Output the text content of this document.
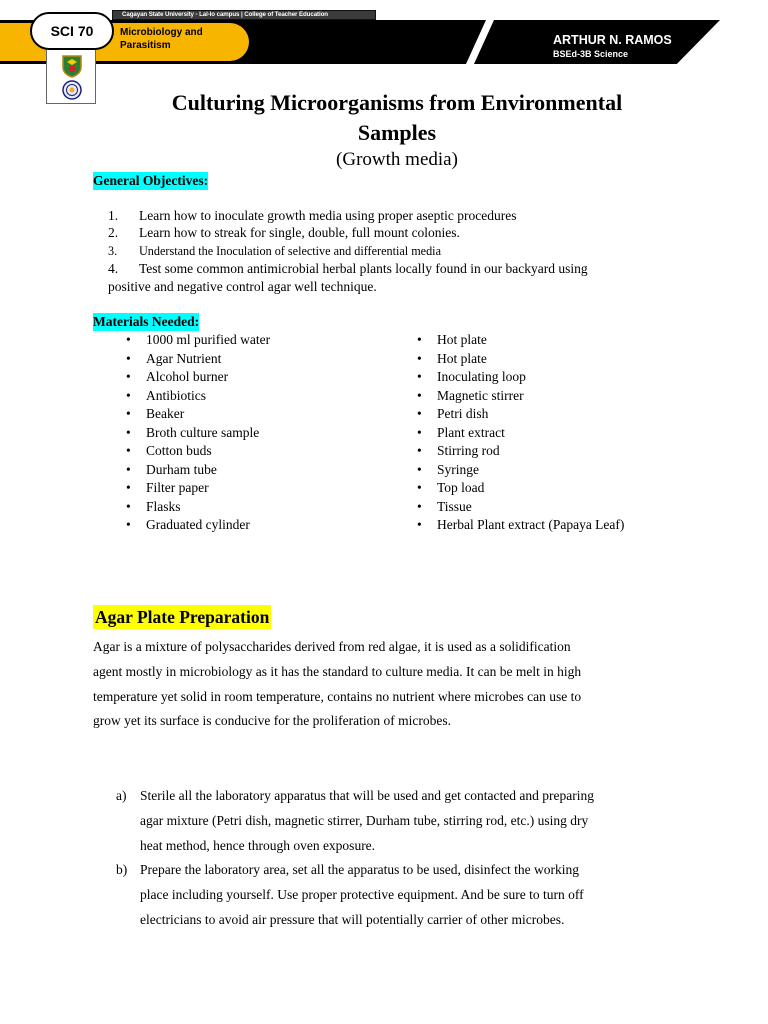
Cagayan State University - Lal-lo campus | College of Teacher Education
Microbiology and
Parasitism
SCI 70
ARTHUR N. RAMOS
BSEd-3B Science
Culturing Microorganisms from Environmental
Samples
(Growth media)
General Objectives:
1. Learn how to inoculate growth media using proper aseptic procedures
2. Learn how to streak for single, double, full mount colonies.
3. Understand the Inoculation of selective and differential media
4. Test some common antimicrobial herbal plants locally found in our backyard using
positive and negative control agar well technique.
Materials Needed:
• 1000 ml purified water
• Agar Nutrient
• Alcohol burner
• Antibiotics
• Beaker
• Broth culture sample
• Cotton buds
• Durham tube
• Filter paper
• Flasks
• Graduated cylinder
• Hot plate
• Hot plate
• Inoculating loop
• Magnetic stirrer
• Petri dish
• Plant extract
• Stirring rod
• Syringe
• Top load
• Tissue
• Herbal Plant extract (Papaya Leaf)
Agar Plate Preparation
Agar is a mixture of polysaccharides derived from red algae, it is used as a solidification
agent mostly in microbiology as it has the standard to culture media. It can be melt in high
temperature yet solid in room temperature, contains no nutrient where microbes can use to
grow yet its surface is conducive for the proliferation of microbes.
a) Sterile all the laboratory apparatus that will be used and get contacted and preparing
agar mixture (Petri dish, magnetic stirrer, Durham tube, stirring rod, etc.) using dry
heat method, hence through oven exposure.
b) Prepare the laboratory area, set all the apparatus to be used, disinfect the working
place including yourself. Use proper protective equipment. And be sure to turn off
electricians to avoid air pressure that will potentially carrier of other microbes.
